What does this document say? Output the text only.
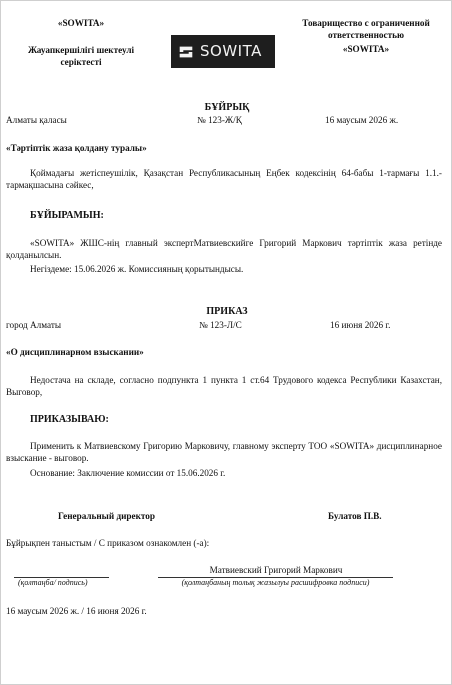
«SOWITA»
Жауапкершілігі шектеулі серіктесті
SOWITA
Товарищество с ограниченной ответственностью
«SOWITA»
БҰЙРЫҚ
Алматы қаласы	№ 123-Ж/Қ	16 маусым 2026 ж.
«Тәртіптік жаза қолдану туралы»
Қоймадағы жетіспеушілік, Қазақстан Республикасының Еңбек кодексінің 64-бабы 1-тармағы 1.1.- тармақшасына сәйкес,
БҰЙЫРАМЫН:
«SOWITA» ЖШС-нің главный экспертМатвиевскийге Григорий Маркович тәртіптік жаза ретінде қолданылсын.
Негіздеме: 15.06.2026 ж. Комиссияның қорытындысы.
ПРИКАЗ
город Алматы	№ 123-Л/С	16 июня 2026 г.
«О дисциплинарном взыскании»
Недостача на складе, согласно подпункта 1 пункта 1 ст.64 Трудового кодекса Республики Казахстан, Выговор,
ПРИКАЗЫВАЮ:
Применить к Матвиевскому Григорию Марковичу, главному эксперту ТОО «SOWITA» дисциплинарное взыскание - выговор.
Основание: Заключение комиссии от 15.06.2026 г.
Генеральный директор	Булатов П.В.
Бұйрықпен таныстым / С приказом ознакомлен (-а):
Матвиевский Григорий Маркович
(қолтаңба/ подпись)	(қолтаңбаның толық жазылуы расшифровка подписи)
16 маусым 2026 ж. / 16 июня 2026 г.
